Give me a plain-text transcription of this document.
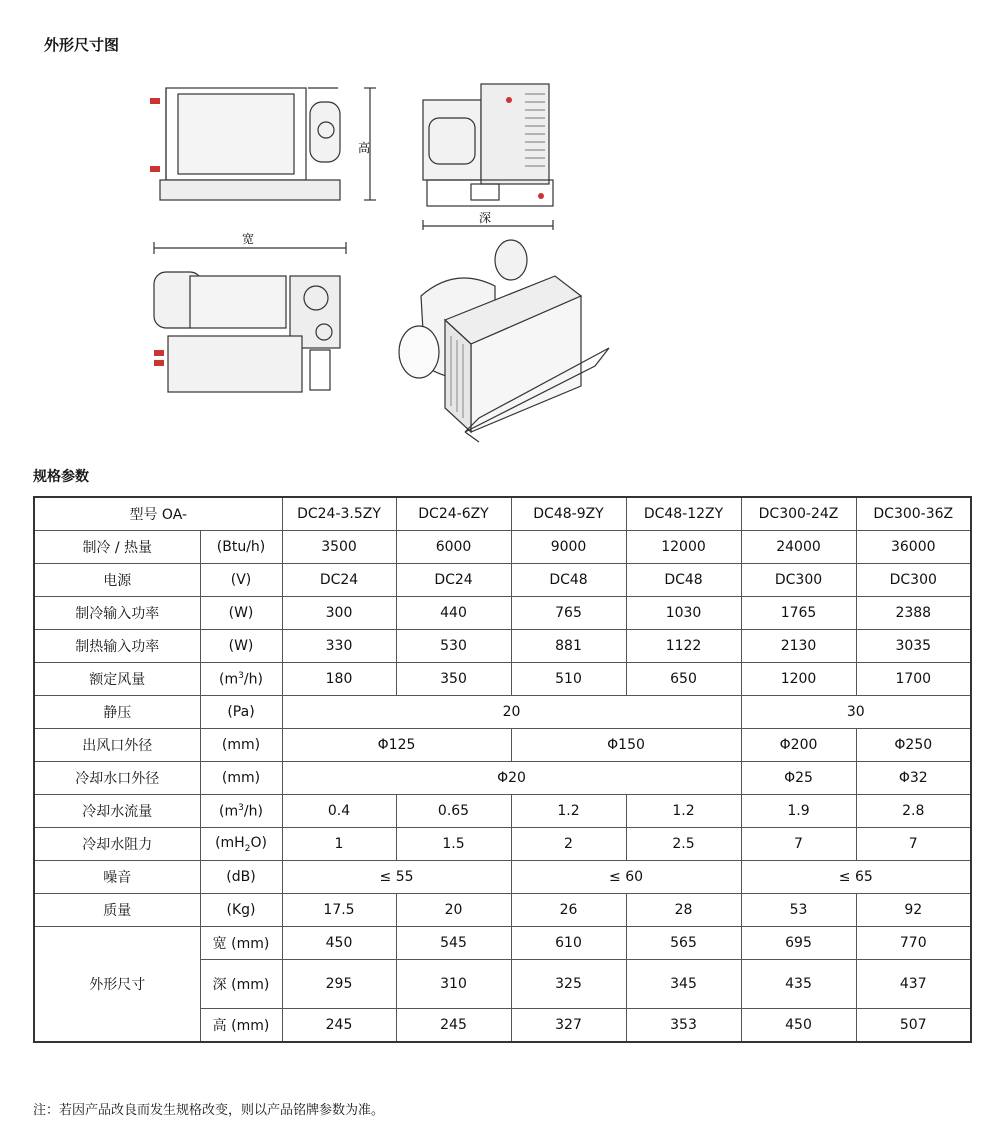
外形尺寸图
高
深
宽
规格参数
型号 OA-		DC24-3.5ZY	DC24-6ZY	DC48-9ZY	DC48-12ZY	DC300-24Z	DC300-36Z
制冷 / 热量	(Btu/h)	3500	6000	9000	12000	24000	36000
电源	(V)	DC24	DC24	DC48	DC48	DC300	DC300
制冷输入功率	(W)	300	440	765	1030	1765	2388
制热输入功率	(W)	330	530	881	1122	2130	3035
额定风量	$(m^3/h)$	180	350	510	650	1200	1700
静压	(Pa)	20				30	
出风口外径	(mm)	Φ125		Φ150		Φ200	Φ250
冷却水口外径	(mm)	Φ20				Φ25	Φ32
冷却水流量	$(m^3/h)$	0.4	0.65	1.2	1.2	1.9	2.8
冷却水阻力	$(mH_2O)$	1	1.5	2	2.5	7	7
噪音	(dB)	≤ 55		≤ 60		≤ 65	
质量	(Kg)	17.5	20	26	28	53	92
外形尺寸	宽 (mm)	450	545	610	565	695	770
	深 (mm)	295	310	325	345	435	437
	高 (mm)	245	245	327	353	450	507
注：若因产品改良而发生规格改变，则以产品铭牌参数为准。
